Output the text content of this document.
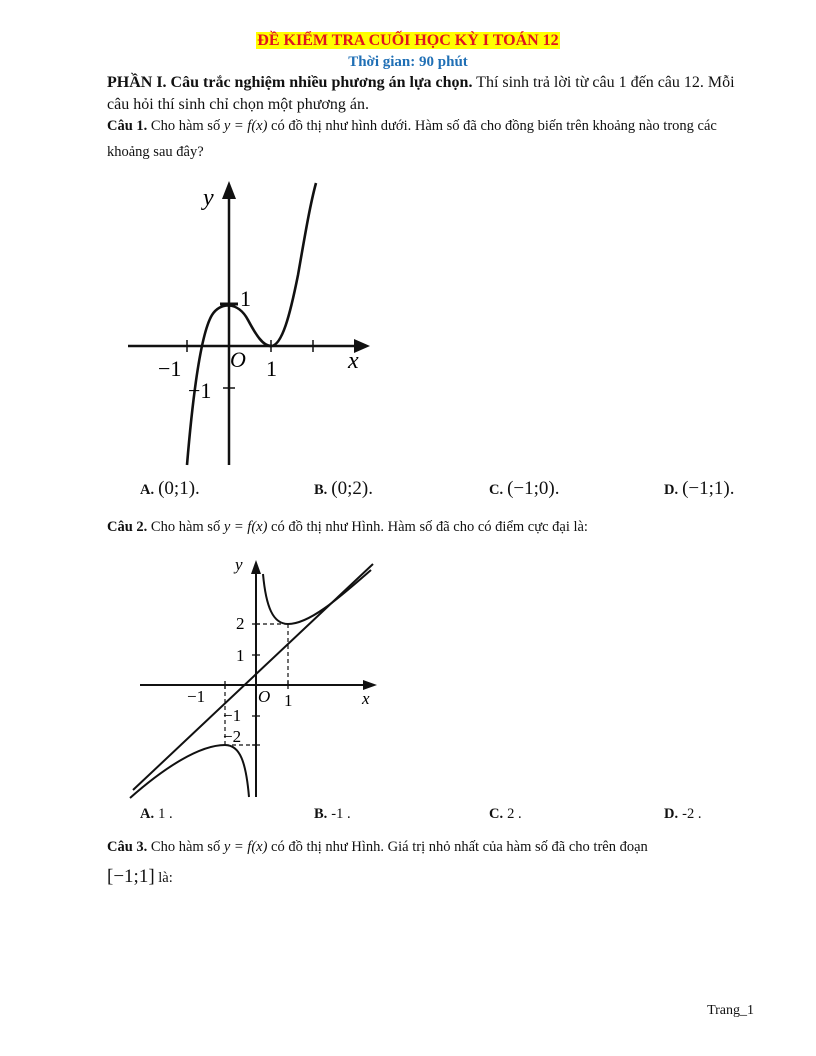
ĐỀ KIỂM TRA CUỐI HỌC KỲ I TOÁN 12
Thời gian: 90 phút
PHẦN I. Câu trắc nghiệm nhiều phương án lựa chọn. Thí sinh trả lời từ câu 1 đến câu 12. Mỗi câu hỏi thí sinh chỉ chọn một phương án.
Câu 1. Cho hàm số y = f(x) có đồ thị như hình dưới. Hàm số đã cho đồng biến trên khoảng nào trong các khoảng sau đây?
y
x
O
−1	1
1
−1
A. (0;1).	B. (0;2).	C. (−1;0).	D. (−1;1).
Câu 2. Cho hàm số y = f(x) có đồ thị như Hình. Hàm số đã cho có điểm cực đại là:
y
x
O
−1	1
1
2
−1
−2
A. 1 .	B. -1 .	C. 2 .	D. -2 .
Câu 3. Cho hàm số y = f(x) có đồ thị như Hình. Giá trị nhỏ nhất của hàm số đã cho trên đoạn
[−1;1] là:
Trang_1
